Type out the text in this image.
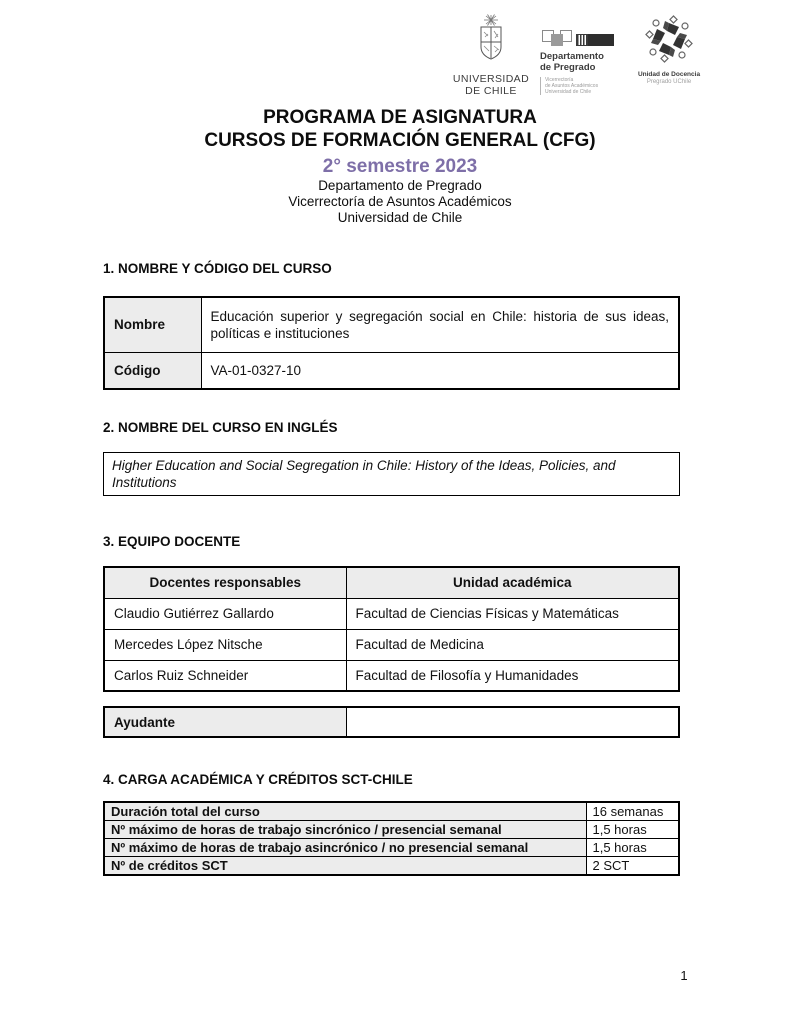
UNIVERSIDAD
DE CHILE
Departamento
de Pregrado
Vicerrectoría
de Asuntos Académicos
Universidad de Chile
Unidad de Docencia
Pregrado UChile
PROGRAMA DE ASIGNATURA
CURSOS DE FORMACIÓN GENERAL (CFG)
2° semestre 2023
Departamento de Pregrado
Vicerrectoría de Asuntos Académicos
Universidad de Chile
1. NOMBRE Y CÓDIGO DEL CURSO
Nombre	Educación superior y segregación social en Chile: historia de sus ideas, políticas e instituciones
Código	VA-01-0327-10
2. NOMBRE DEL CURSO EN INGLÉS
Higher Education and Social Segregation in Chile: History of the Ideas, Policies, and Institutions
3. EQUIPO DOCENTE
Docentes responsables	Unidad académica
Claudio Gutiérrez Gallardo	Facultad de Ciencias Físicas y Matemáticas
Mercedes López Nitsche	Facultad de Medicina
Carlos Ruiz Schneider	Facultad de Filosofía y Humanidades
Ayudante	
4. CARGA ACADÉMICA Y CRÉDITOS SCT-CHILE
Duración total del curso	16 semanas
Nº máximo de horas de trabajo sincrónico / presencial semanal	1,5 horas
Nº máximo de horas de trabajo asincrónico / no presencial semanal	1,5 horas
Nº de créditos SCT	2 SCT
1
